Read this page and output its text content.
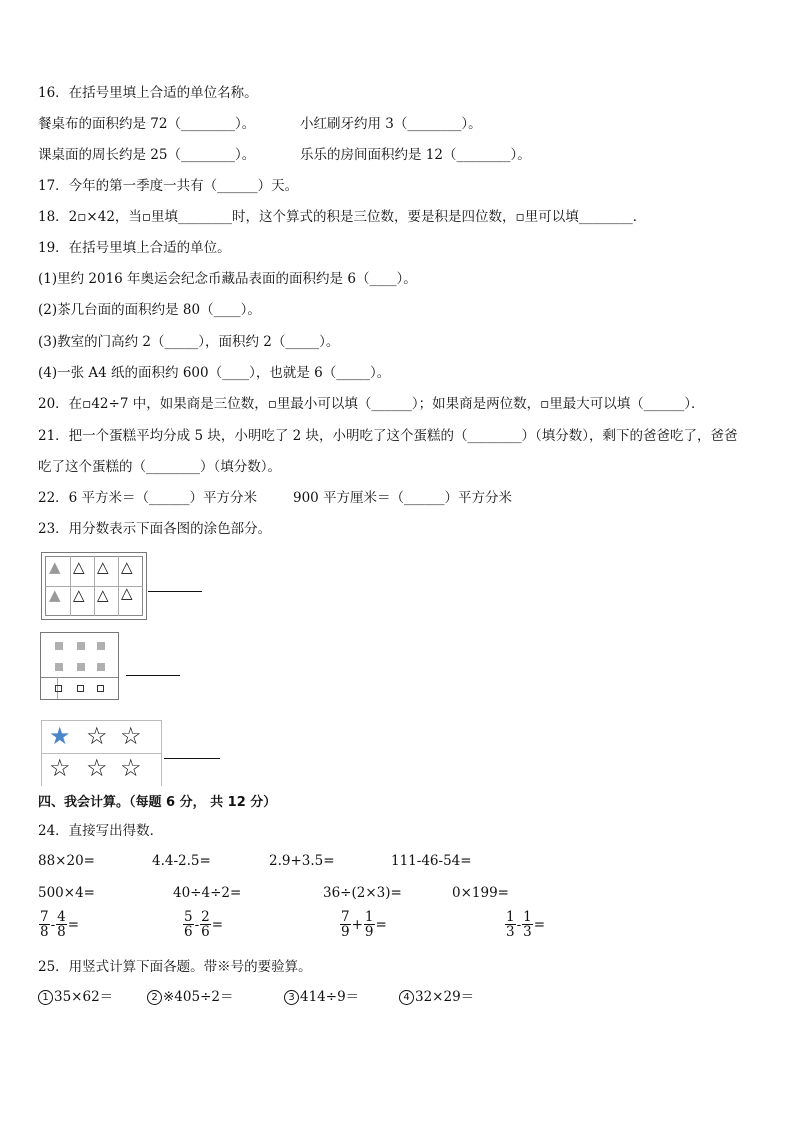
16．在括号里填上合适的单位名称。
餐桌布的面积约是 72（________）。	小红刷牙约用 3（________）。
课桌面的周长约是 25（________）。	乐乐的房间面积约是 12（________）。
17．今年的第一季度一共有（______）天。
18．2▫×42，当▫里填________时，这个算式的积是三位数，要是积是四位数，▫里可以填________．
19．在括号里填上合适的单位。
(1)里约 2016 年奥运会纪念币藏品表面的面积约是 6（____）。
(2)茶几台面的面积约是 80（____）。
(3)教室的门高约 2（_____），面积约 2（_____）。
(4)一张 A4 纸的面积约 600（____），也就是 6（_____）。
20．在▫42÷7 中，如果商是三位数，▫里最小可以填（______）；如果商是两位数，▫里最大可以填（______）．
21．把一个蛋糕平均分成 5 块，小明吃了 2 块，小明吃了这个蛋糕的（________）（填分数），剩下的爸爸吃了，爸爸
吃了这个蛋糕的（________）（填分数）。
22．6 平方米＝（______）平方分米	900 平方厘米＝（______）平方分米
23．用分数表示下面各图的涂色部分。
▲ △ △ △
▲ △ △ △
★ ☆ ☆
☆ ☆ ☆
四、我会计算。（每题 6 分， 共 12 分）
24．直接写出得数．
88×20=	4.4-2.5=	2.9+3.5=	111-46-54=
500×4=	40÷4÷2=	36÷(2×3)=	0×199=
$\frac{7}{8} - \frac{4}{8}$ =	$\frac{5}{6} - \frac{2}{6}$ =	$\frac{7}{9} + \frac{1}{9}$ =	$\frac{1}{3} - \frac{1}{3}$ =
25．用竖式计算下面各题。带※号的要验算。
1 35×62＝	2 ※405÷2＝	3 414÷9＝	4 32×29＝
